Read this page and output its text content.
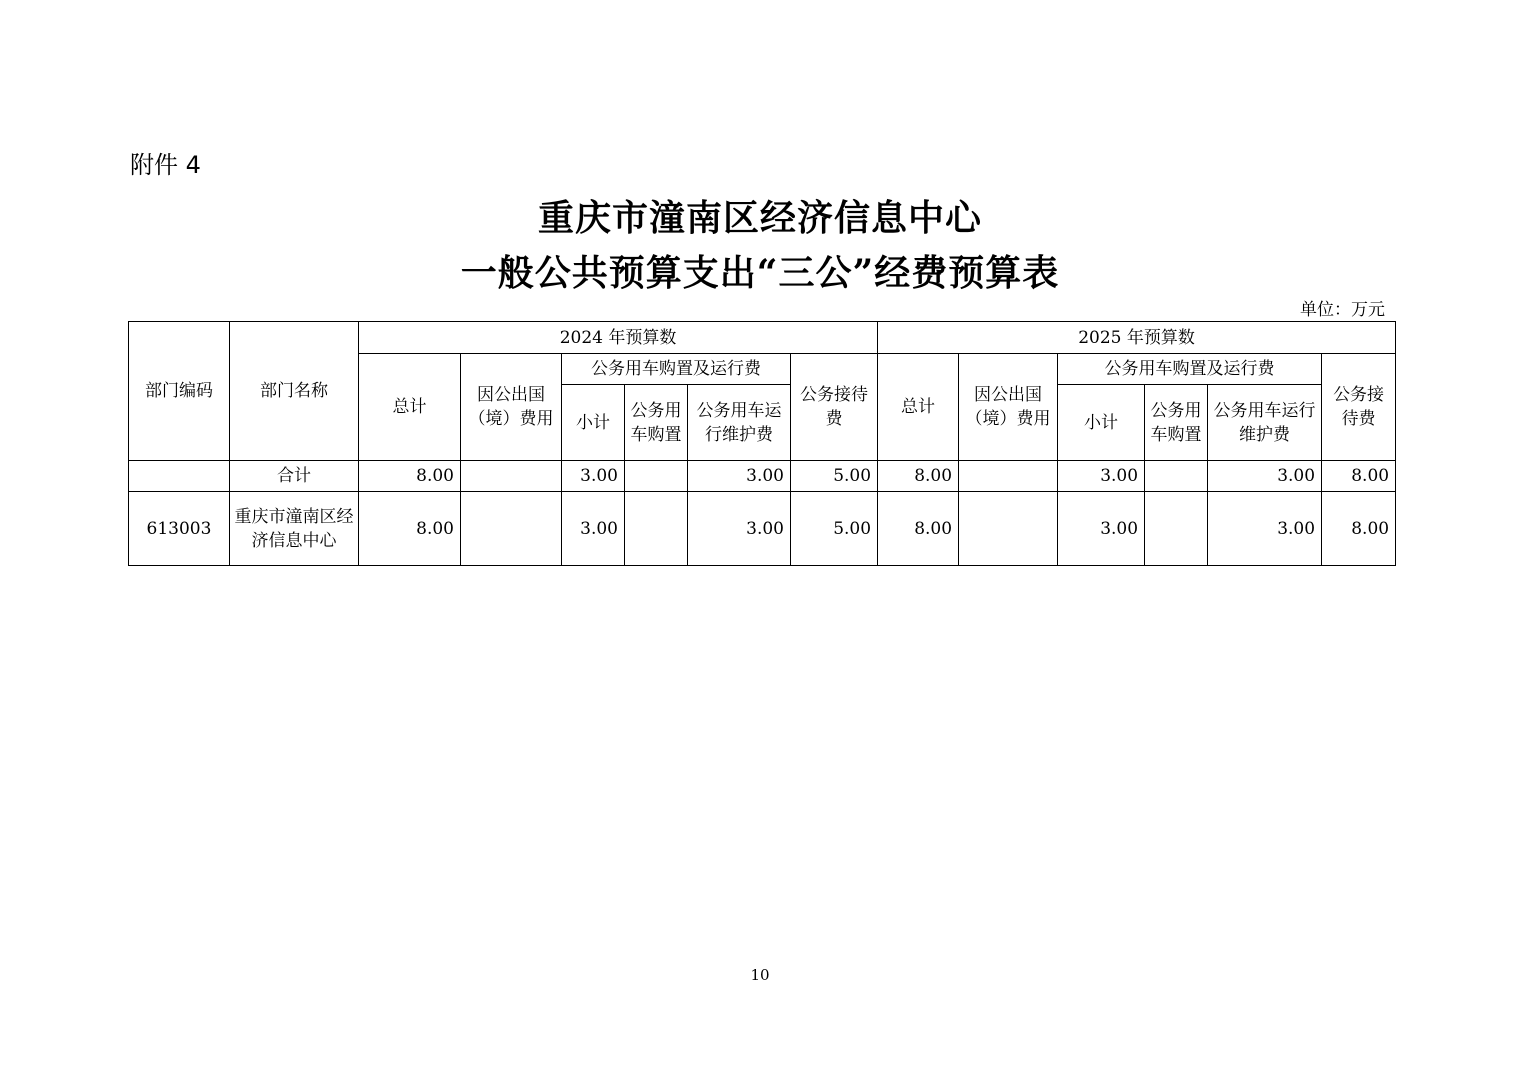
附件 4
重庆市潼南区经济信息中心
一般公共预算支出“三公”经费预算表
单位：万元
部门编码	部门名称	2024 年预算数						2025 年预算数					
		总计	因公出国（境）费用	公务用车购置及运行费			公务接待费	总计	因公出国（境）费用	公务用车购置及运行费			公务接待费
				小计	公务用车购置	公务用车运行维护费				小计	公务用车购置	公务用车运行维护费	
	合计	8.00		3.00		3.00	5.00	8.00		3.00		3.00	8.00
613003	重庆市潼南区经济信息中心	8.00		3.00		3.00	5.00	8.00		3.00		3.00	8.00
10
